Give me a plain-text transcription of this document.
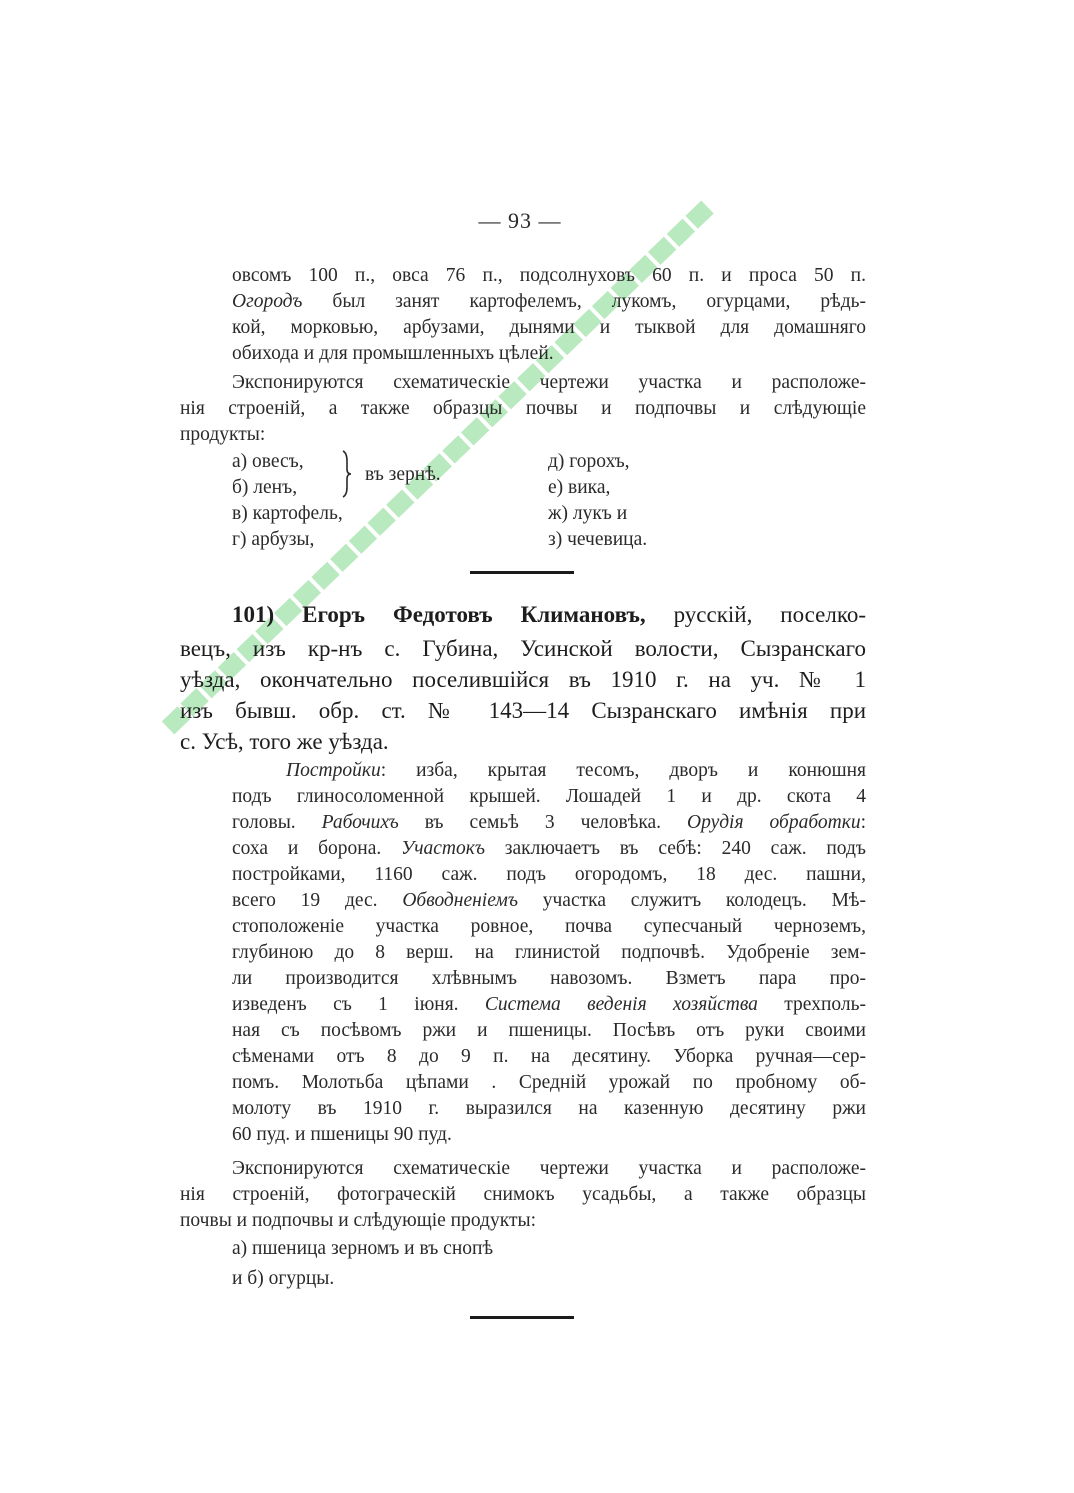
— 93 —
овсомъ 100 п., овса 76 п., подсолнуховъ 60 п. и проса 50 п.
Огородъ был занят картофелемъ, лукомъ, огурцами, рѣдь-
кой, морковью, арбузами, дынями и тыквой для домашняго
обихода и для промышленныхъ цѣлей.
Экспонируются схематическіе чертежи участка и расположе-
нія строеній, а также образцы почвы и подпочвы и слѣдующіе
продукты:
а) овесъ,
б) ленъ,
в) картофель,
г) арбузы,
въ зернѣ.
д) горохъ,
е) вика,
ж) лукъ и
з) чечевица.
101) Егоръ Федотовъ Климановъ, русскій, поселко-
вецъ, изъ кр-нъ с. Губина, Усинской волости, Сызранскаго
уѣзда, окончательно поселившійся въ 1910 г. на уч. № 1
изъ бывш. обр. ст. № 143—14 Сызранскаго имѣнія при
с. Усѣ, того же уѣзда.
Постройки: изба, крытая тесомъ, дворъ и конюшня
подъ глиносоломенной крышей. Лошадей 1 и др. скота 4
головы. Рабочихъ въ семьѣ 3 человѣка. Орудія обработки:
соха и борона. Участокъ заключаетъ въ себѣ: 240 саж. подъ
постройками, 1160 саж. подъ огородомъ, 18 дес. пашни,
всего 19 дес. Обводненіемъ участка служитъ колодецъ. Мѣ-
стоположеніе участка ровное, почва супесчаный черноземъ,
глубиною до 8 верш. на глинистой подпочвѣ. Удобреніе зем-
ли производится хлѣвнымъ навозомъ. Взметъ пара про-
изведенъ съ 1 іюня. Система веденія хозяйства трехполь-
ная съ посѣвомъ ржи и пшеницы. Посѣвъ отъ руки своими
сѣменами отъ 8 до 9 п. на десятину. Уборка ручная—сер-
помъ. Молотьба цѣпами . Средній урожай по пробному об-
молоту въ 1910 г. выразился на казенную десятину ржи
60 пуд. и пшеницы 90 пуд.
Экспонируются схематическіе чертежи участка и расположе-
нія строеній, фотограческій снимокъ усадьбы, а также образцы
почвы и подпочвы и слѣдующіе продукты:
а) пшеница зерномъ и въ снопѣ
и б) огурцы.
